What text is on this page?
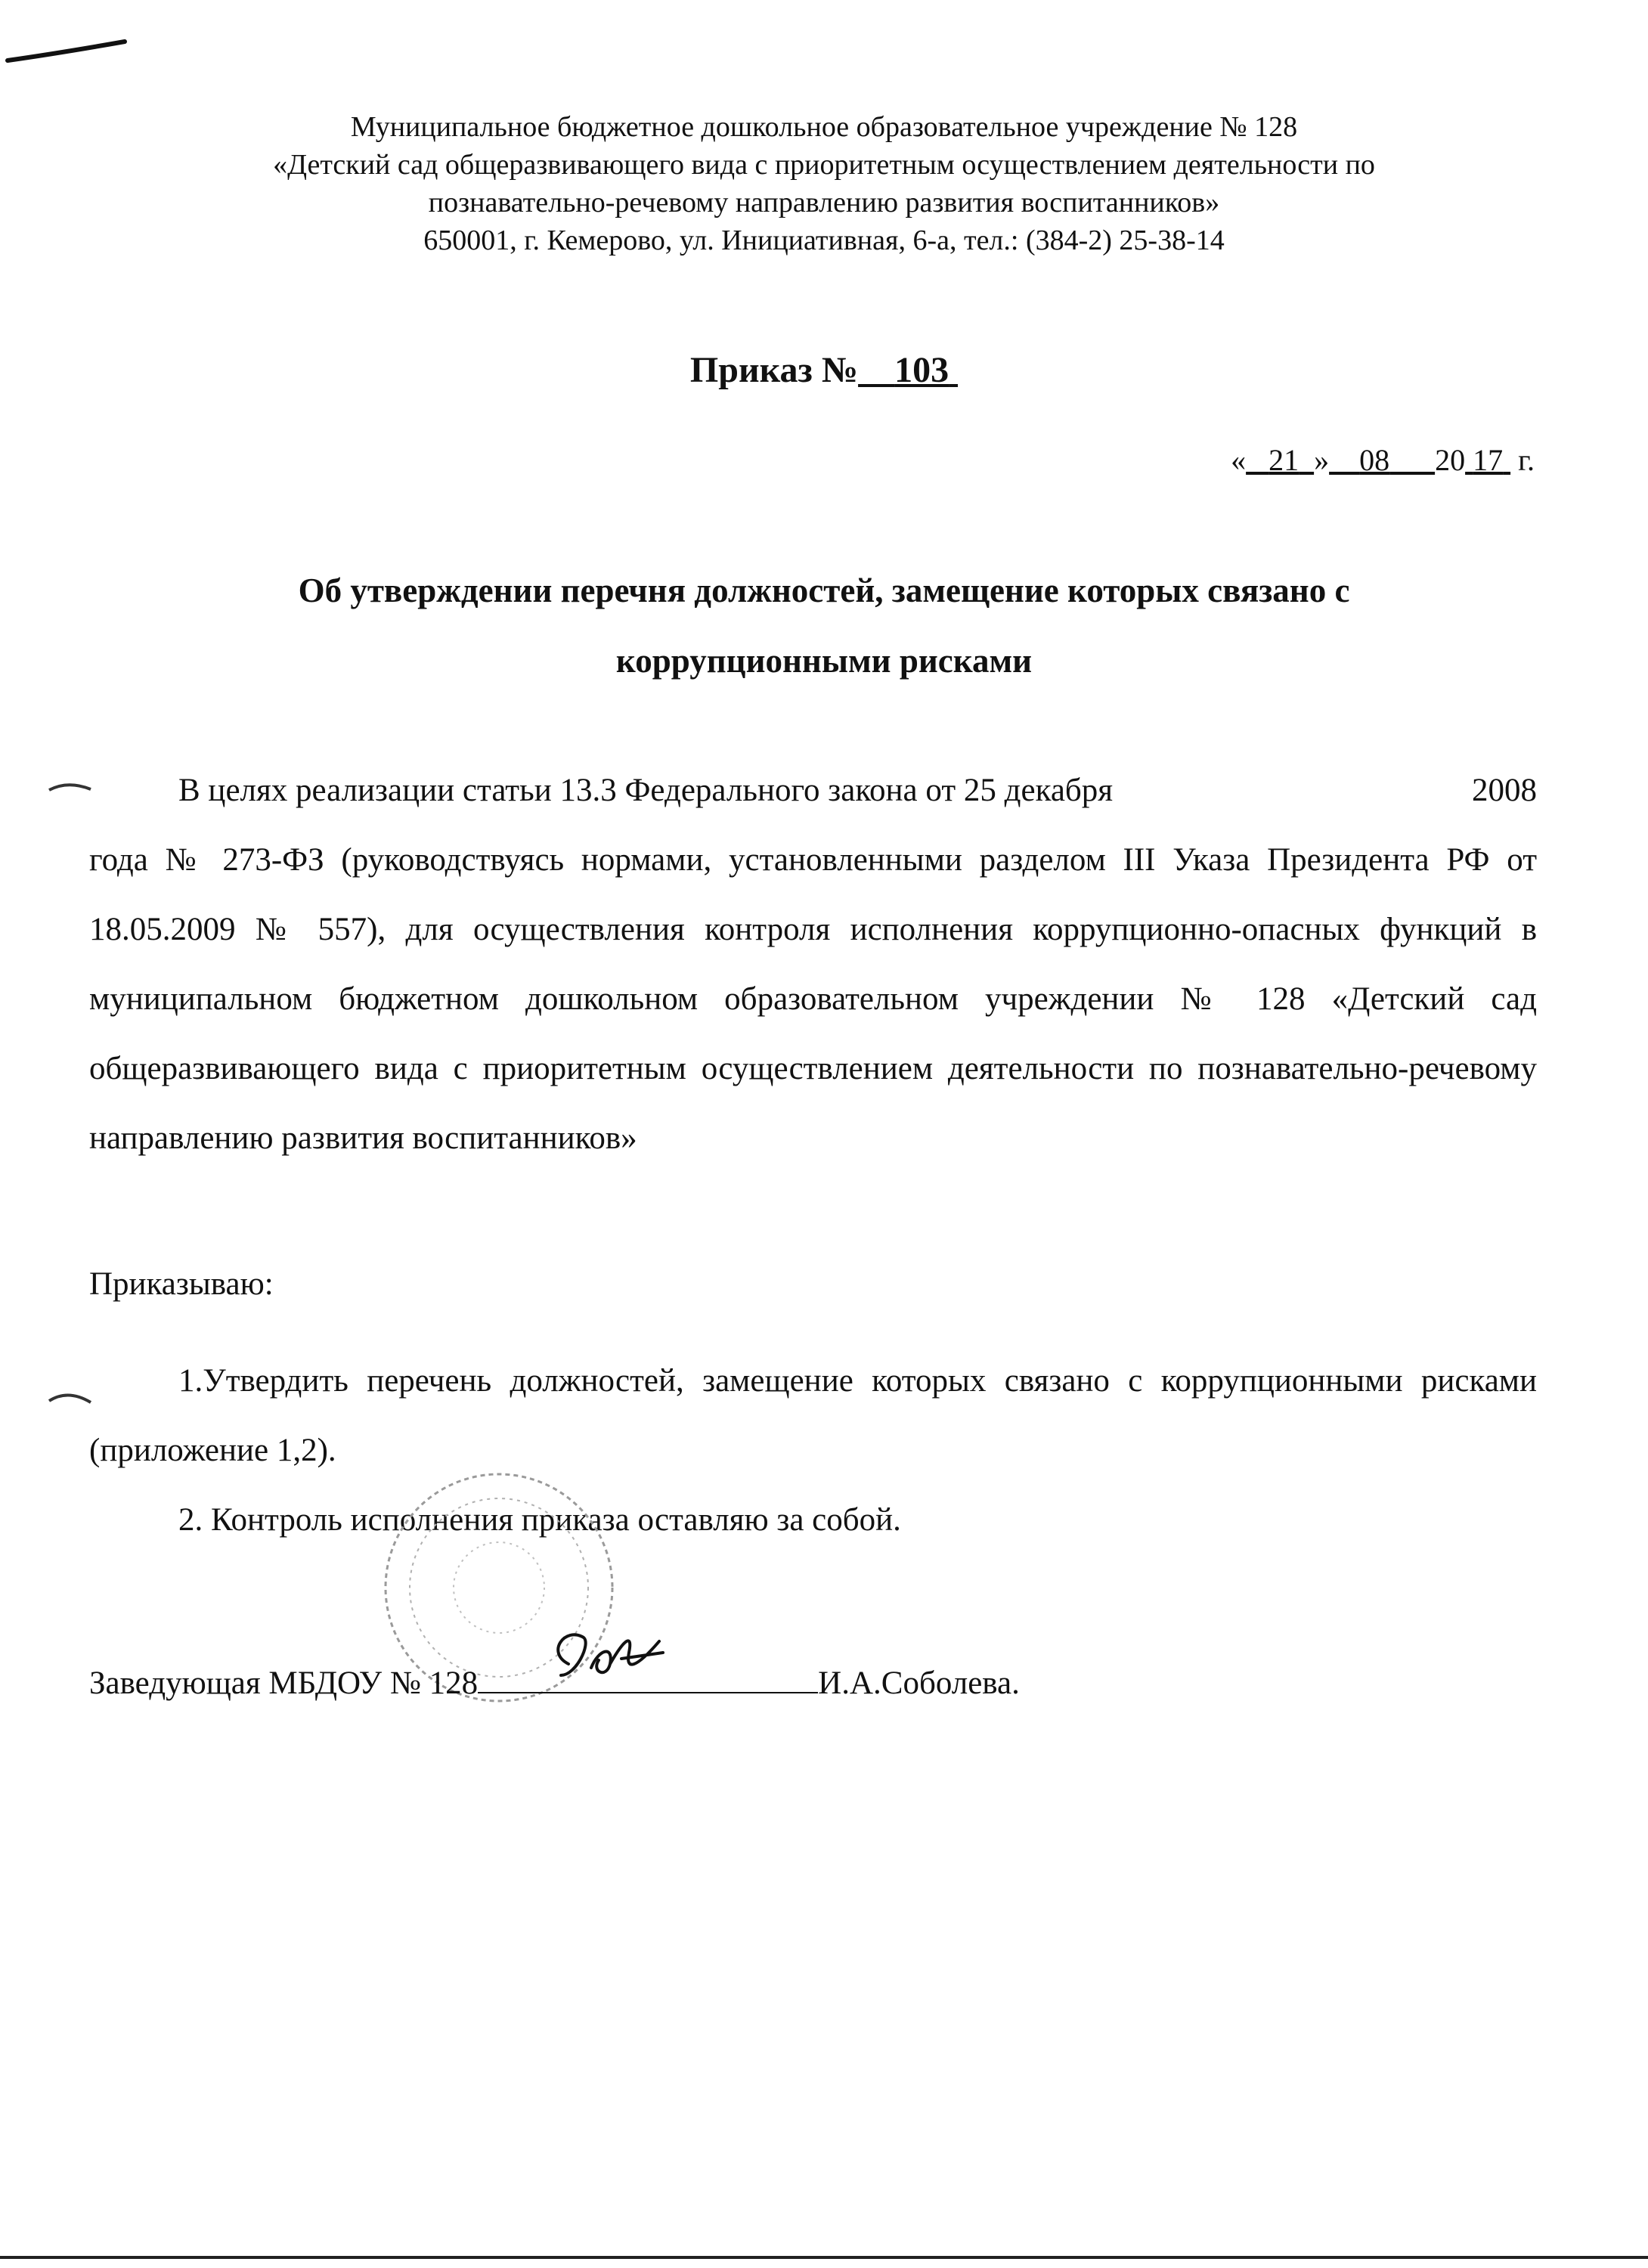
Муниципальное бюджетное дошкольное образовательное учреждение № 128
«Детский сад общеразвивающего вида с приоритетным осуществлением деятельности по
познавательно-речевому направлению развития воспитанников»
650001, г. Кемерово, ул. Инициативная, 6-а, тел.: (384-2) 25-38-14
Приказ № 103
« 21 » 08 20 17 г.
Об утверждении перечня должностей, замещение которых связано с
коррупционными рисками
В целях реализации статьи 13.3 Федерального закона от 25 декабря	2008
года № 273-ФЗ (руководствуясь нормами, установленными разделом III Указа Президента РФ от 18.05.2009 № 557), для осуществления контроля исполнения коррупционно-опасных функций в муниципальном бюджетном дошкольном образовательном учреждении № 128 «Детский сад общеразвивающего вида с приоритетным осуществлением деятельности по познавательно-речевому направлению развития воспитанников»
Приказываю:
1.Утвердить перечень должностей, замещение которых связано с коррупционными рисками (приложение 1,2).
2. Контроль исполнения приказа оставляю за собой.
Заведующая МБДОУ № 128	И.А.Соболева.
